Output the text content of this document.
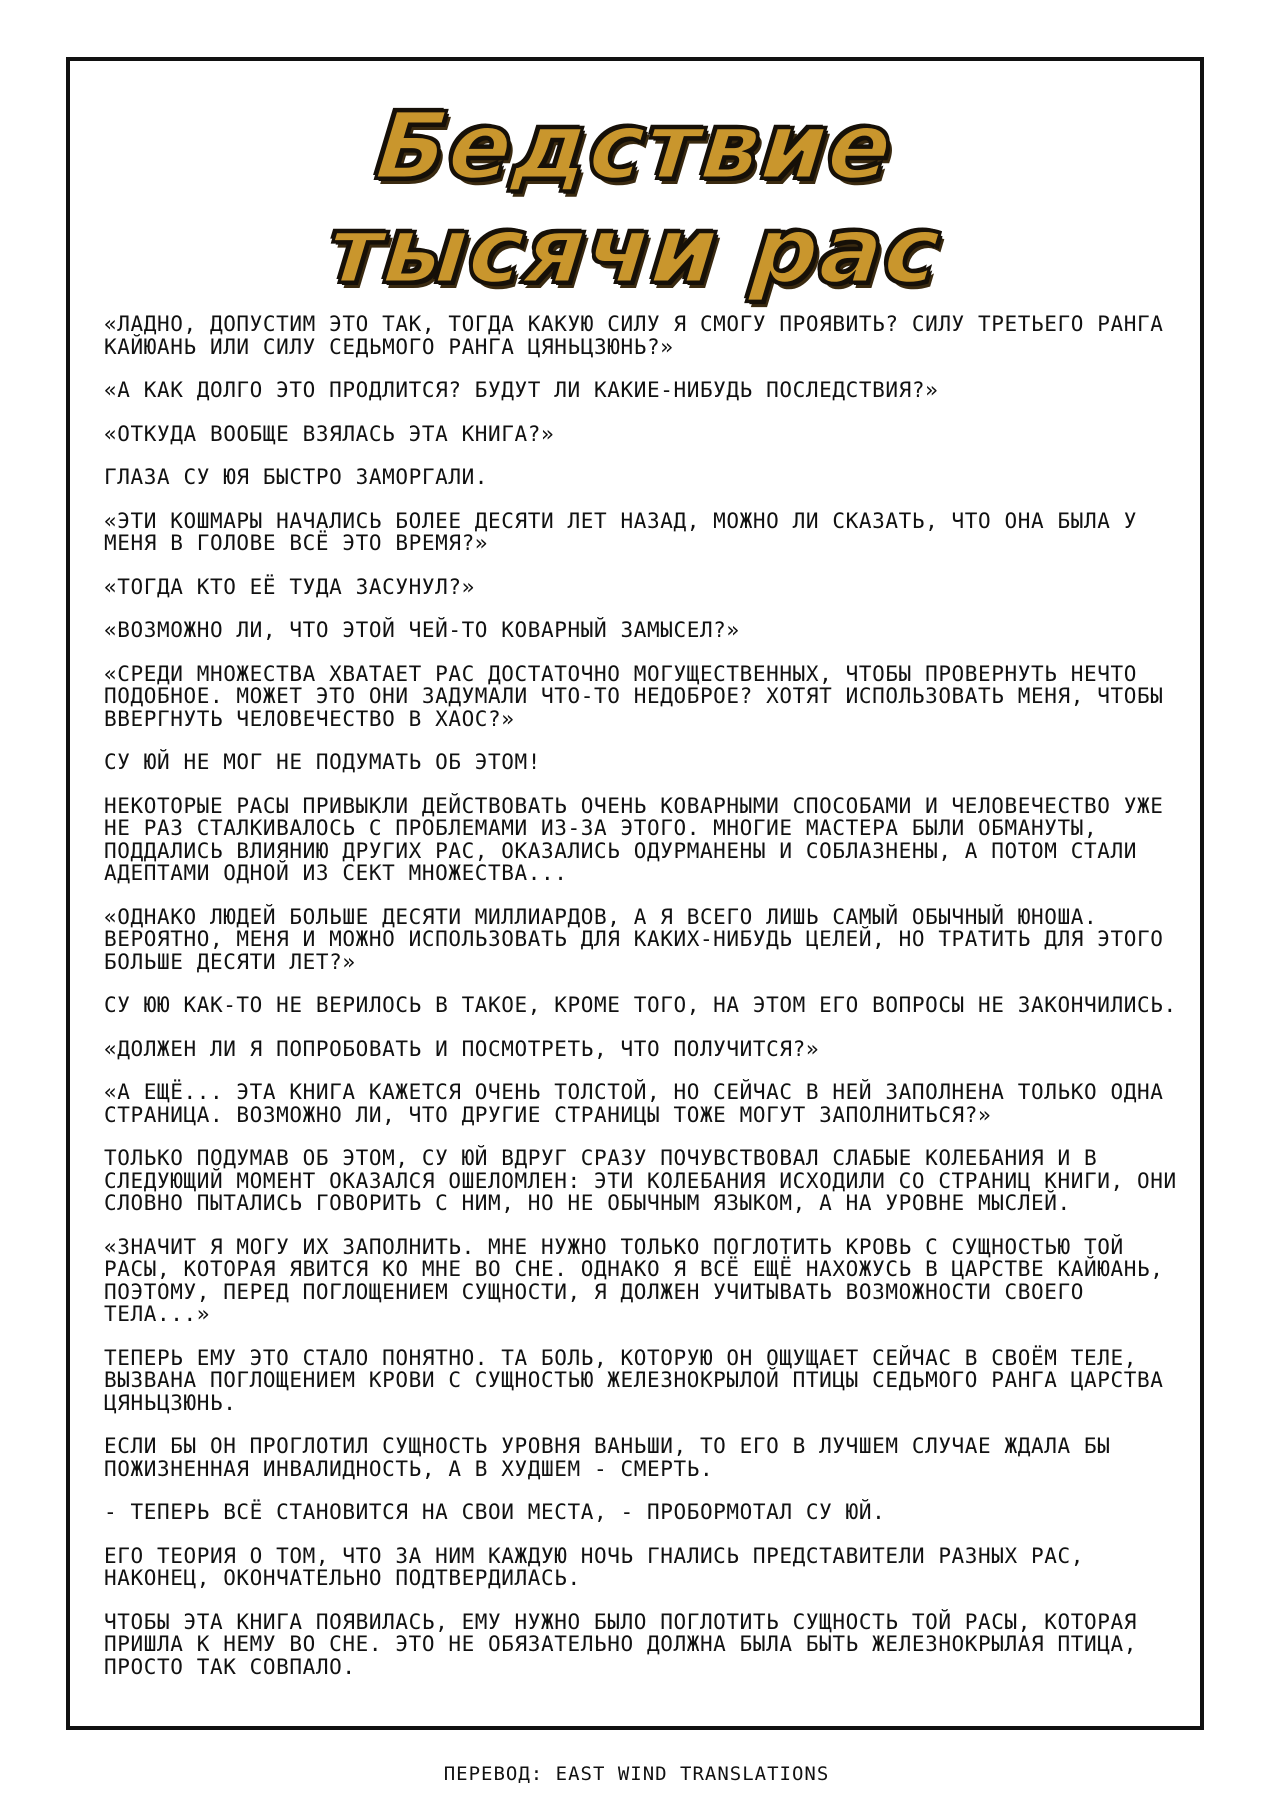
Бедствие
тысячи рас

«ЛАДНО, ДОПУСТИМ ЭТО ТАК, ТОГДА КАКУЮ СИЛУ Я СМОГУ ПРОЯВИТЬ? СИЛУ ТРЕТЬЕГО РАНГА КАЙЮАНЬ ИЛИ СИЛУ СЕДЬМОГО РАНГА ЦЯНЬЦЗЮНЬ?»

«А КАК ДОЛГО ЭТО ПРОДЛИТСЯ? БУДУТ ЛИ КАКИЕ-НИБУДЬ ПОСЛЕДСТВИЯ?»

«ОТКУДА ВООБЩЕ ВЗЯЛАСЬ ЭТА КНИГА?»

ГЛАЗА СУ ЮЯ БЫСТРО ЗАМОРГАЛИ.

«ЭТИ КОШМАРЫ НАЧАЛИСЬ БОЛЕЕ ДЕСЯТИ ЛЕТ НАЗАД, МОЖНО ЛИ СКАЗАТЬ, ЧТО ОНА БЫЛА У МЕНЯ В ГОЛОВЕ ВСЁ ЭТО ВРЕМЯ?»

«ТОГДА КТО ЕЁ ТУДА ЗАСУНУЛ?»

«ВОЗМОЖНО ЛИ, ЧТО ЭТОЙ ЧЕЙ-ТО КОВАРНЫЙ ЗАМЫСЕЛ?»

«СРЕДИ МНОЖЕСТВА ХВАТАЕТ РАС ДОСТАТОЧНО МОГУЩЕСТВЕННЫХ, ЧТОБЫ ПРОВЕРНУТЬ НЕЧТО ПОДОБНОЕ. МОЖЕТ ЭТО ОНИ ЗАДУМАЛИ ЧТО-ТО НЕДОБРОЕ? ХОТЯТ ИСПОЛЬЗОВАТЬ МЕНЯ, ЧТОБЫ ВВЕРГНУТЬ ЧЕЛОВЕЧЕСТВО В ХАОС?»

СУ ЮЙ НЕ МОГ НЕ ПОДУМАТЬ ОБ ЭТОМ!

НЕКОТОРЫЕ РАСЫ ПРИВЫКЛИ ДЕЙСТВОВАТЬ ОЧЕНЬ КОВАРНЫМИ СПОСОБАМИ И ЧЕЛОВЕЧЕСТВО УЖЕ НЕ РАЗ СТАЛКИВАЛОСЬ С ПРОБЛЕМАМИ ИЗ-ЗА ЭТОГО. МНОГИЕ МАСТЕРА БЫЛИ ОБМАНУТЫ, ПОДДАЛИСЬ ВЛИЯНИЮ ДРУГИХ РАС, ОКАЗАЛИСЬ ОДУРМАНЕНЫ И СОБЛАЗНЕНЫ, А ПОТОМ СТАЛИ АДЕПТАМИ ОДНОЙ ИЗ СЕКТ МНОЖЕСТВА...

«ОДНАКО ЛЮДЕЙ БОЛЬШЕ ДЕСЯТИ МИЛЛИАРДОВ, А Я ВСЕГО ЛИШЬ САМЫЙ ОБЫЧНЫЙ ЮНОША. ВЕРОЯТНО, МЕНЯ И МОЖНО ИСПОЛЬЗОВАТЬ ДЛЯ КАКИХ-НИБУДЬ ЦЕЛЕЙ, НО ТРАТИТЬ ДЛЯ ЭТОГО БОЛЬШЕ ДЕСЯТИ ЛЕТ?»

СУ ЮЮ КАК-ТО НЕ ВЕРИЛОСЬ В ТАКОЕ, КРОМЕ ТОГО, НА ЭТОМ ЕГО ВОПРОСЫ НЕ ЗАКОНЧИЛИСЬ.

«ДОЛЖЕН ЛИ Я ПОПРОБОВАТЬ И ПОСМОТРЕТЬ, ЧТО ПОЛУЧИТСЯ?»

«А ЕЩЁ... ЭТА КНИГА КАЖЕТСЯ ОЧЕНЬ ТОЛСТОЙ, НО СЕЙЧАС В НЕЙ ЗАПОЛНЕНА ТОЛЬКО ОДНА СТРАНИЦА. ВОЗМОЖНО ЛИ, ЧТО ДРУГИЕ СТРАНИЦЫ ТОЖЕ МОГУТ ЗАПОЛНИТЬСЯ?»

ТОЛЬКО ПОДУМАВ ОБ ЭТОМ, СУ ЮЙ ВДРУГ СРАЗУ ПОЧУВСТВОВАЛ СЛАБЫЕ КОЛЕБАНИЯ И В СЛЕДУЮЩИЙ МОМЕНТ ОКАЗАЛСЯ ОШЕЛОМЛЕН: ЭТИ КОЛЕБАНИЯ ИСХОДИЛИ СО СТРАНИЦ КНИГИ, ОНИ СЛОВНО ПЫТАЛИСЬ ГОВОРИТЬ С НИМ, НО НЕ ОБЫЧНЫМ ЯЗЫКОМ, А НА УРОВНЕ МЫСЛЕЙ.

«ЗНАЧИТ Я МОГУ ИХ ЗАПОЛНИТЬ. МНЕ НУЖНО ТОЛЬКО ПОГЛОТИТЬ КРОВЬ С СУЩНОСТЬЮ ТОЙ РАСЫ, КОТОРАЯ ЯВИТСЯ КО МНЕ ВО СНЕ. ОДНАКО Я ВСЁ ЕЩЁ НАХОЖУСЬ В ЦАРСТВЕ КАЙЮАНЬ, ПОЭТОМУ, ПЕРЕД ПОГЛОЩЕНИЕМ СУЩНОСТИ, Я ДОЛЖЕН УЧИТЫВАТЬ ВОЗМОЖНОСТИ СВОЕГО ТЕЛА...»

ТЕПЕРЬ ЕМУ ЭТО СТАЛО ПОНЯТНО. ТА БОЛЬ, КОТОРУЮ ОН ОЩУЩАЕТ СЕЙЧАС В СВОЁМ ТЕЛЕ, ВЫЗВАНА ПОГЛОЩЕНИЕМ КРОВИ С СУЩНОСТЬЮ ЖЕЛЕЗНОКРЫЛОЙ ПТИЦЫ СЕДЬМОГО РАНГА ЦАРСТВА ЦЯНЬЦЗЮНЬ.

ЕСЛИ БЫ ОН ПРОГЛОТИЛ СУЩНОСТЬ УРОВНЯ ВАНЬШИ, ТО ЕГО В ЛУЧШЕМ СЛУЧАЕ ЖДАЛА БЫ ПОЖИЗНЕННАЯ ИНВАЛИДНОСТЬ, А В ХУДШЕМ - СМЕРТЬ.

- ТЕПЕРЬ ВСЁ СТАНОВИТСЯ НА СВОИ МЕСТА, - ПРОБОРМОТАЛ СУ ЮЙ.

ЕГО ТЕОРИЯ О ТОМ, ЧТО ЗА НИМ КАЖДУЮ НОЧЬ ГНАЛИСЬ ПРЕДСТАВИТЕЛИ РАЗНЫХ РАС, НАКОНЕЦ, ОКОНЧАТЕЛЬНО ПОДТВЕРДИЛАСЬ.

ЧТОБЫ ЭТА КНИГА ПОЯВИЛАСЬ, ЕМУ НУЖНО БЫЛО ПОГЛОТИТЬ СУЩНОСТЬ ТОЙ РАСЫ, КОТОРАЯ ПРИШЛА К НЕМУ ВО СНЕ. ЭТО НЕ ОБЯЗАТЕЛЬНО ДОЛЖНА БЫЛА БЫТЬ ЖЕЛЕЗНОКРЫЛАЯ ПТИЦА, ПРОСТО ТАК СОВПАЛО.

ПЕРЕВОД: EAST WIND TRANSLATIONS
